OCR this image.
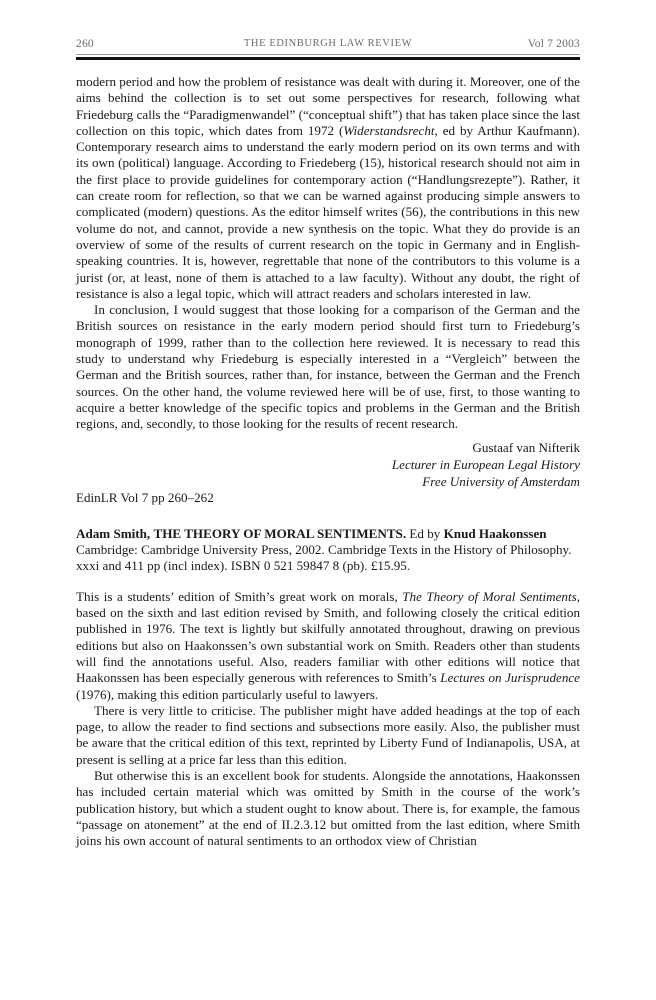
260	THE EDINBURGH LAW REVIEW	Vol 7 2003

modern period and how the problem of resistance was dealt with during it. Moreover, one of the aims behind the collection is to set out some perspectives for research, following what Friedeburg calls the “Paradigmenwandel” (“conceptual shift”) that has taken place since the last collection on this topic, which dates from 1972 (Widerstandsrecht, ed by Arthur Kaufmann). Contemporary research aims to understand the early modern period on its own terms and with its own (political) language. According to Friedeberg (15), historical research should not aim in the first place to provide guidelines for contemporary action (“Handlungsrezepte”). Rather, it can create room for reflection, so that we can be warned against producing simple answers to complicated (modern) questions. As the editor himself writes (56), the contributions in this new volume do not, and cannot, provide a new synthesis on the topic. What they do provide is an overview of some of the results of current research on the topic in Germany and in English-speaking countries. It is, however, regrettable that none of the contributors to this volume is a jurist (or, at least, none of them is attached to a law faculty). Without any doubt, the right of resistance is also a legal topic, which will attract readers and scholars interested in law.

In conclusion, I would suggest that those looking for a comparison of the German and the British sources on resistance in the early modern period should first turn to Friedeburg’s monograph of 1999, rather than to the collection here reviewed. It is necessary to read this study to understand why Friedeburg is especially interested in a “Vergleich” between the German and the British sources, rather than, for instance, between the German and the French sources. On the other hand, the volume reviewed here will be of use, first, to those wanting to acquire a better knowledge of the specific topics and problems in the German and the British regions, and, secondly, to those looking for the results of recent research.

Gustaaf van Nifterik
Lecturer in European Legal History
Free University of Amsterdam

EdinLR Vol 7 pp 260–262

Adam Smith, THE THEORY OF MORAL SENTIMENTS. Ed by Knud Haakonssen
Cambridge: Cambridge University Press, 2002. Cambridge Texts in the History of Philosophy.
xxxi and 411 pp (incl index). ISBN 0 521 59847 8 (pb). £15.95.

This is a students’ edition of Smith’s great work on morals, The Theory of Moral Sentiments, based on the sixth and last edition revised by Smith, and following closely the critical edition published in 1976. The text is lightly but skilfully annotated throughout, drawing on previous editions but also on Haakonssen’s own substantial work on Smith. Readers other than students will find the annotations useful. Also, readers familiar with other editions will notice that Haakonssen has been especially generous with references to Smith’s Lectures on Jurisprudence (1976), making this edition particularly useful to lawyers.

There is very little to criticise. The publisher might have added headings at the top of each page, to allow the reader to find sections and subsections more easily. Also, the publisher must be aware that the critical edition of this text, reprinted by Liberty Fund of Indianapolis, USA, at present is selling at a price far less than this edition.

But otherwise this is an excellent book for students. Alongside the annotations, Haakonssen has included certain material which was omitted by Smith in the course of the work’s publication history, but which a student ought to know about. There is, for example, the famous “passage on atonement” at the end of II.2.3.12 but omitted from the last edition, where Smith joins his own account of natural sentiments to an orthodox view of Christian
